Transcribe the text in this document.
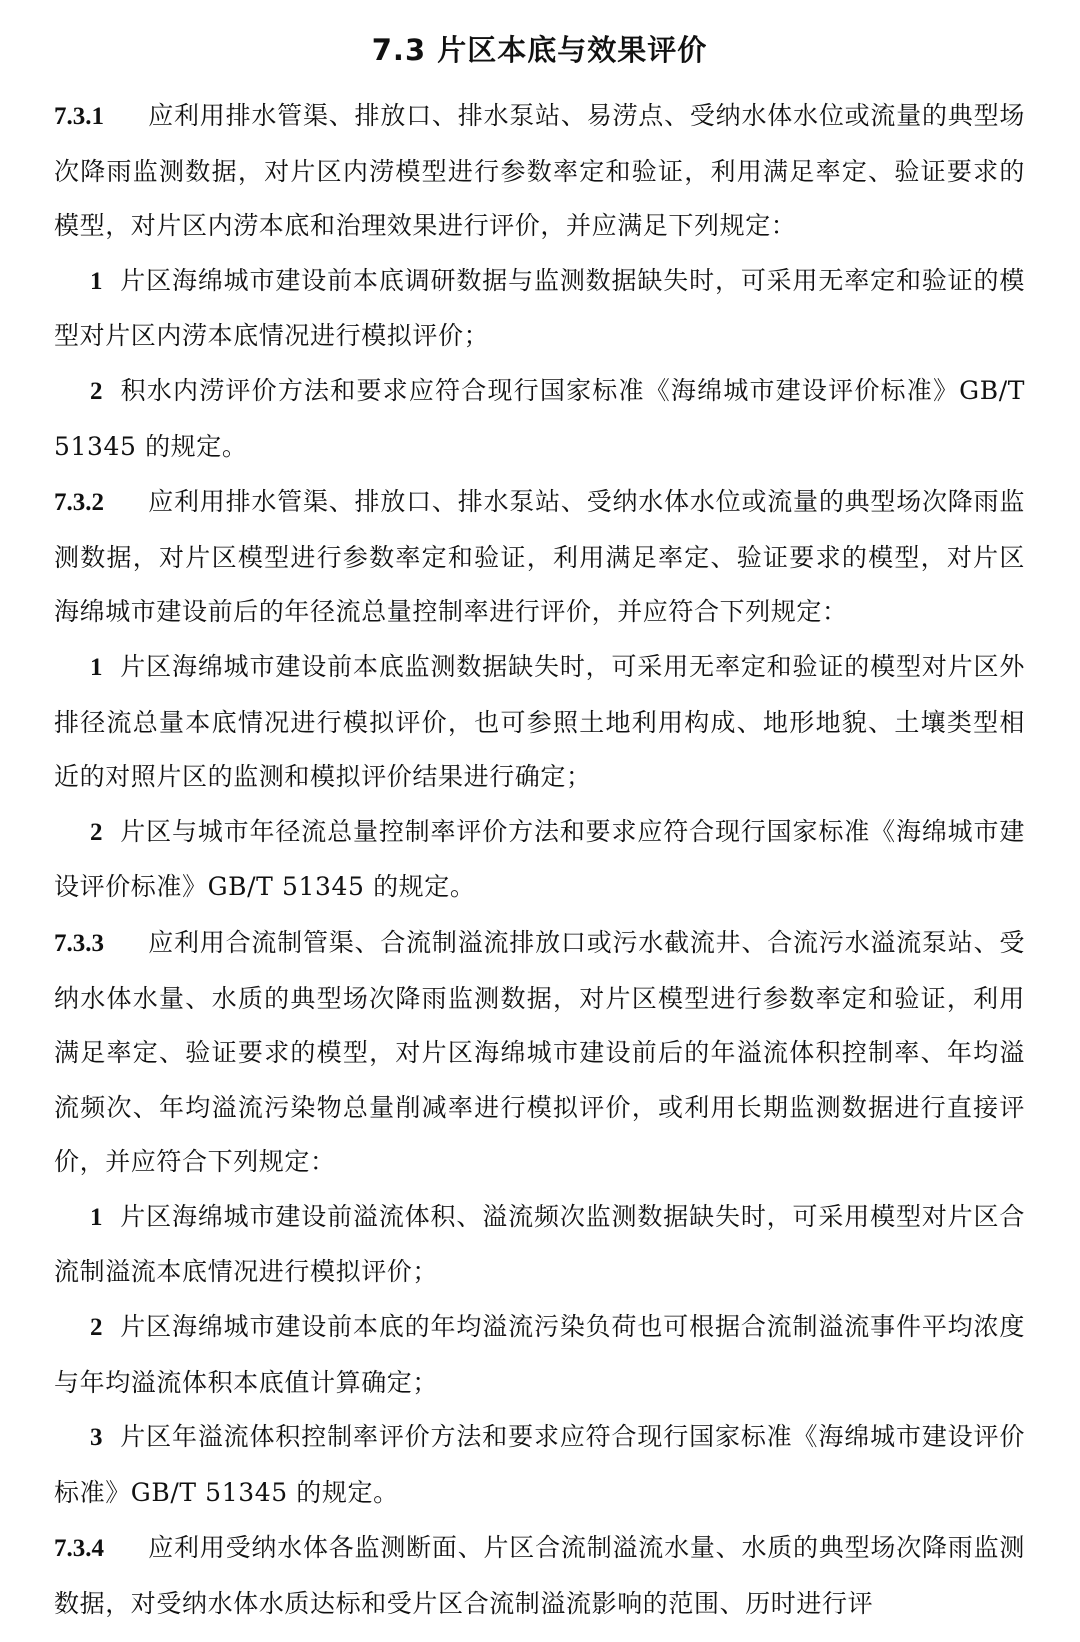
7.3 片区本底与效果评价

7.3.1 应利用排水管渠、排放口、排水泵站、易涝点、受纳水体水位或流量的典型场次降雨监测数据，对片区内涝模型进行参数率定和验证，利用满足率定、验证要求的模型，对片区内涝本底和治理效果进行评价，并应满足下列规定：

1 片区海绵城市建设前本底调研数据与监测数据缺失时，可采用无率定和验证的模型对片区内涝本底情况进行模拟评价；

2 积水内涝评价方法和要求应符合现行国家标准《海绵城市建设评价标准》GB/T 51345 的规定。

7.3.2 应利用排水管渠、排放口、排水泵站、受纳水体水位或流量的典型场次降雨监测数据，对片区模型进行参数率定和验证，利用满足率定、验证要求的模型，对片区海绵城市建设前后的年径流总量控制率进行评价，并应符合下列规定：

1 片区海绵城市建设前本底监测数据缺失时，可采用无率定和验证的模型对片区外排径流总量本底情况进行模拟评价，也可参照土地利用构成、地形地貌、土壤类型相近的对照片区的监测和模拟评价结果进行确定；

2 片区与城市年径流总量控制率评价方法和要求应符合现行国家标准《海绵城市建设评价标准》GB/T 51345 的规定。

7.3.3 应利用合流制管渠、合流制溢流排放口或污水截流井、合流污水溢流泵站、受纳水体水量、水质的典型场次降雨监测数据，对片区模型进行参数率定和验证，利用满足率定、验证要求的模型，对片区海绵城市建设前后的年溢流体积控制率、年均溢流频次、年均溢流污染物总量削减率进行模拟评价，或利用长期监测数据进行直接评价，并应符合下列规定：

1 片区海绵城市建设前溢流体积、溢流频次监测数据缺失时，可采用模型对片区合流制溢流本底情况进行模拟评价；

2 片区海绵城市建设前本底的年均溢流污染负荷也可根据合流制溢流事件平均浓度与年均溢流体积本底值计算确定；

3 片区年溢流体积控制率评价方法和要求应符合现行国家标准《海绵城市建设评价标准》GB/T 51345 的规定。

7.3.4 应利用受纳水体各监测断面、片区合流制溢流水量、水质的典型场次降雨监测数据，对受纳水体水质达标和受片区合流制溢流影响的范围、历时进行评
